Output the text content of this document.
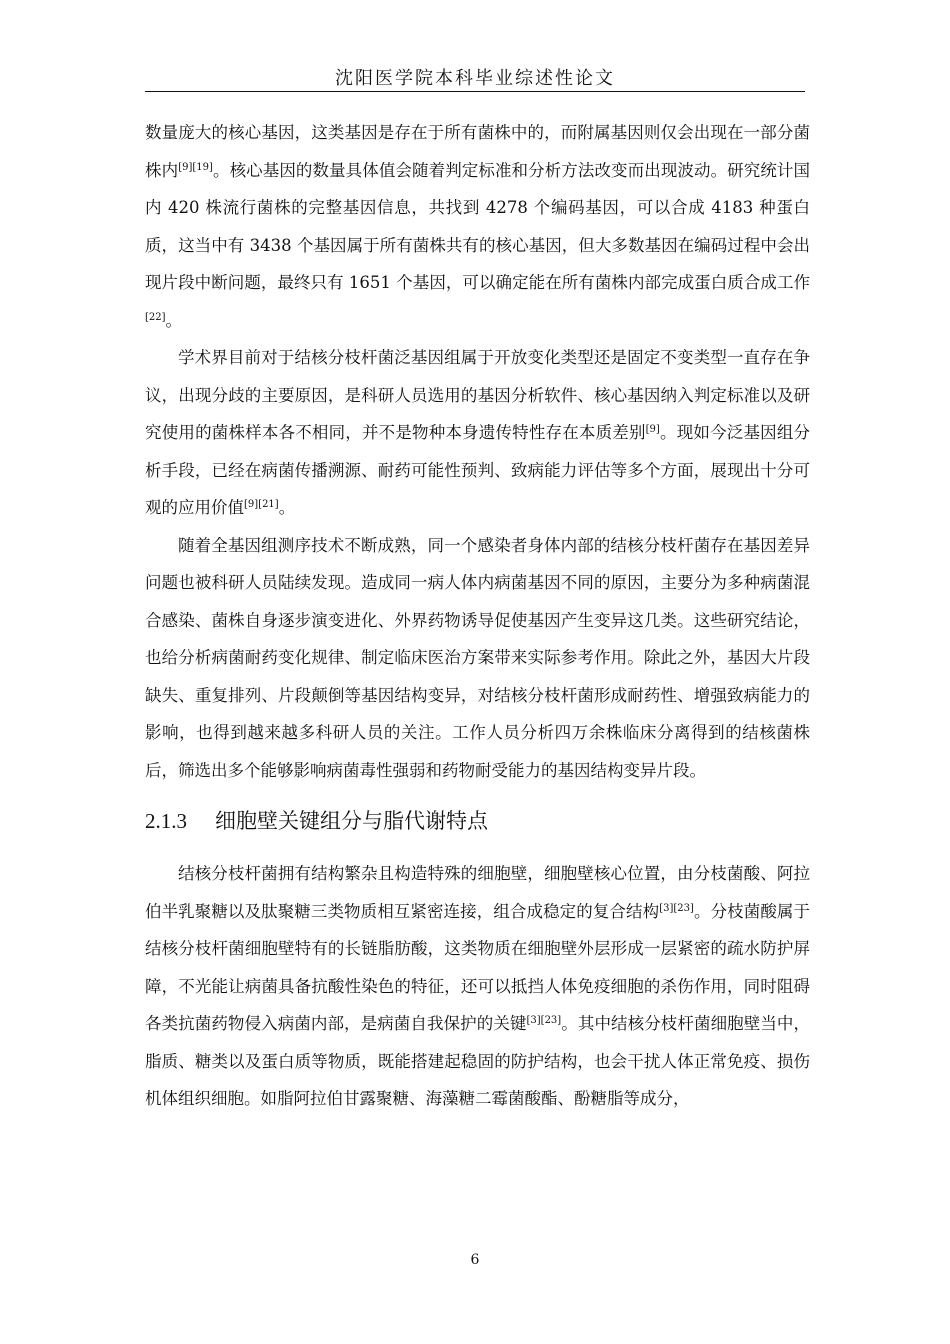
沈阳医学院本科毕业综述性论文

数量庞大的核心基因，这类基因是存在于所有菌株中的，而附属基因则仅会出现在一部分菌株内[9][19]。核心基因的数量具体值会随着判定标准和分析方法改变而出现波动。研究统计国内 420 株流行菌株的完整基因信息，共找到 4278 个编码基因，可以合成 4183 种蛋白质，这当中有 3438 个基因属于所有菌株共有的核心基因，但大多数基因在编码过程中会出现片段中断问题，最终只有 1651 个基因，可以确定能在所有菌株内部完成蛋白质合成工作[22]。

学术界目前对于结核分枝杆菌泛基因组属于开放变化类型还是固定不变类型一直存在争议，出现分歧的主要原因，是科研人员选用的基因分析软件、核心基因纳入判定标准以及研究使用的菌株样本各不相同，并不是物种本身遗传特性存在本质差别[9]。现如今泛基因组分析手段，已经在病菌传播溯源、耐药可能性预判、致病能力评估等多个方面，展现出十分可观的应用价值[9][21]。

随着全基因组测序技术不断成熟，同一个感染者身体内部的结核分枝杆菌存在基因差异问题也被科研人员陆续发现。造成同一病人体内病菌基因不同的原因，主要分为多种病菌混合感染、菌株自身逐步演变进化、外界药物诱导促使基因产生变异这几类。这些研究结论，也给分析病菌耐药变化规律、制定临床医治方案带来实际参考作用。除此之外，基因大片段缺失、重复排列、片段颠倒等基因结构变异，对结核分枝杆菌形成耐药性、增强致病能力的影响，也得到越来越多科研人员的关注。工作人员分析四万余株临床分离得到的结核菌株后，筛选出多个能够影响病菌毒性强弱和药物耐受能力的基因结构变异片段。

2.1.3 细胞壁关键组分与脂代谢特点

结核分枝杆菌拥有结构繁杂且构造特殊的细胞壁，细胞壁核心位置，由分枝菌酸、阿拉伯半乳聚糖以及肽聚糖三类物质相互紧密连接，组合成稳定的复合结构[3][23]。分枝菌酸属于结核分枝杆菌细胞壁特有的长链脂肪酸，这类物质在细胞壁外层形成一层紧密的疏水防护屏障，不光能让病菌具备抗酸性染色的特征，还可以抵挡人体免疫细胞的杀伤作用，同时阻碍各类抗菌药物侵入病菌内部，是病菌自我保护的关键[3][23]。其中结核分枝杆菌细胞壁当中，脂质、糖类以及蛋白质等物质，既能搭建起稳固的防护结构，也会干扰人体正常免疫、损伤机体组织细胞。如脂阿拉伯甘露聚糖、海藻糖二霉菌酸酯、酚糖脂等成分，

6
